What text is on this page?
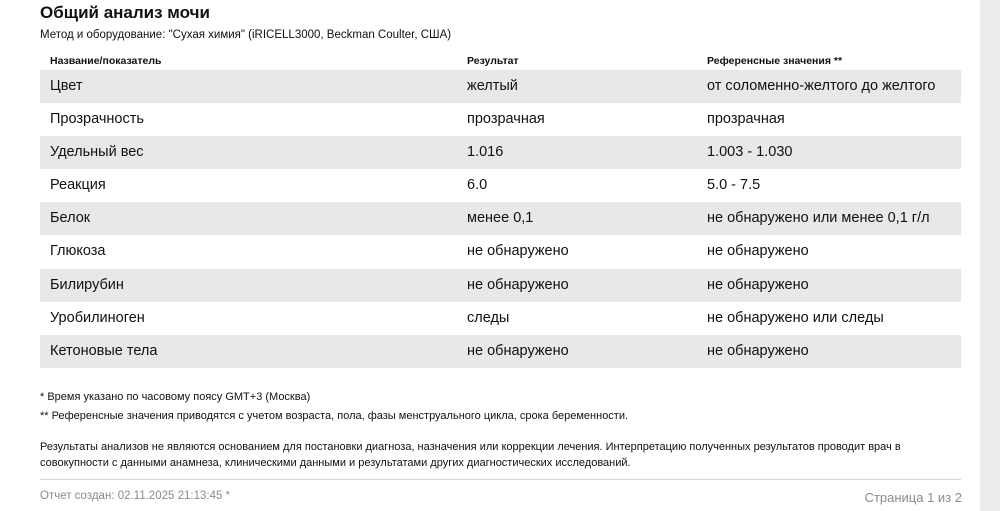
Общий анализ мочи
Метод и оборудование: "Сухая химия" (iRICELL3000, Beckman Coulter, США)
Название/показатель	Результат	Референсные значения **
Цвет	желтый	от соломенно-желтого до желтого
Прозрачность	прозрачная	прозрачная
Удельный вес	1.016	1.003 - 1.030
Реакция	6.0	5.0 - 7.5
Белок	менее 0,1	не обнаружено или менее 0,1 г/л
Глюкоза	не обнаружено	не обнаружено
Билирубин	не обнаружено	не обнаружено
Уробилиноген	следы	не обнаружено или следы
Кетоновые тела	не обнаружено	не обнаружено
* Время указано по часовому поясу GMT+3 (Москва)
** Референсные значения приводятся с учетом возраста, пола, фазы менструального цикла, срока беременности.
Результаты анализов не являются основанием для постановки диагноза, назначения или коррекции лечения. Интерпретацию полученных результатов проводит врач в совокупности с данными анамнеза, клиническими данными и результатами других диагностических исследований.
Отчет создан: 02.11.2025 21:13:45 *	Страница 1 из 2
